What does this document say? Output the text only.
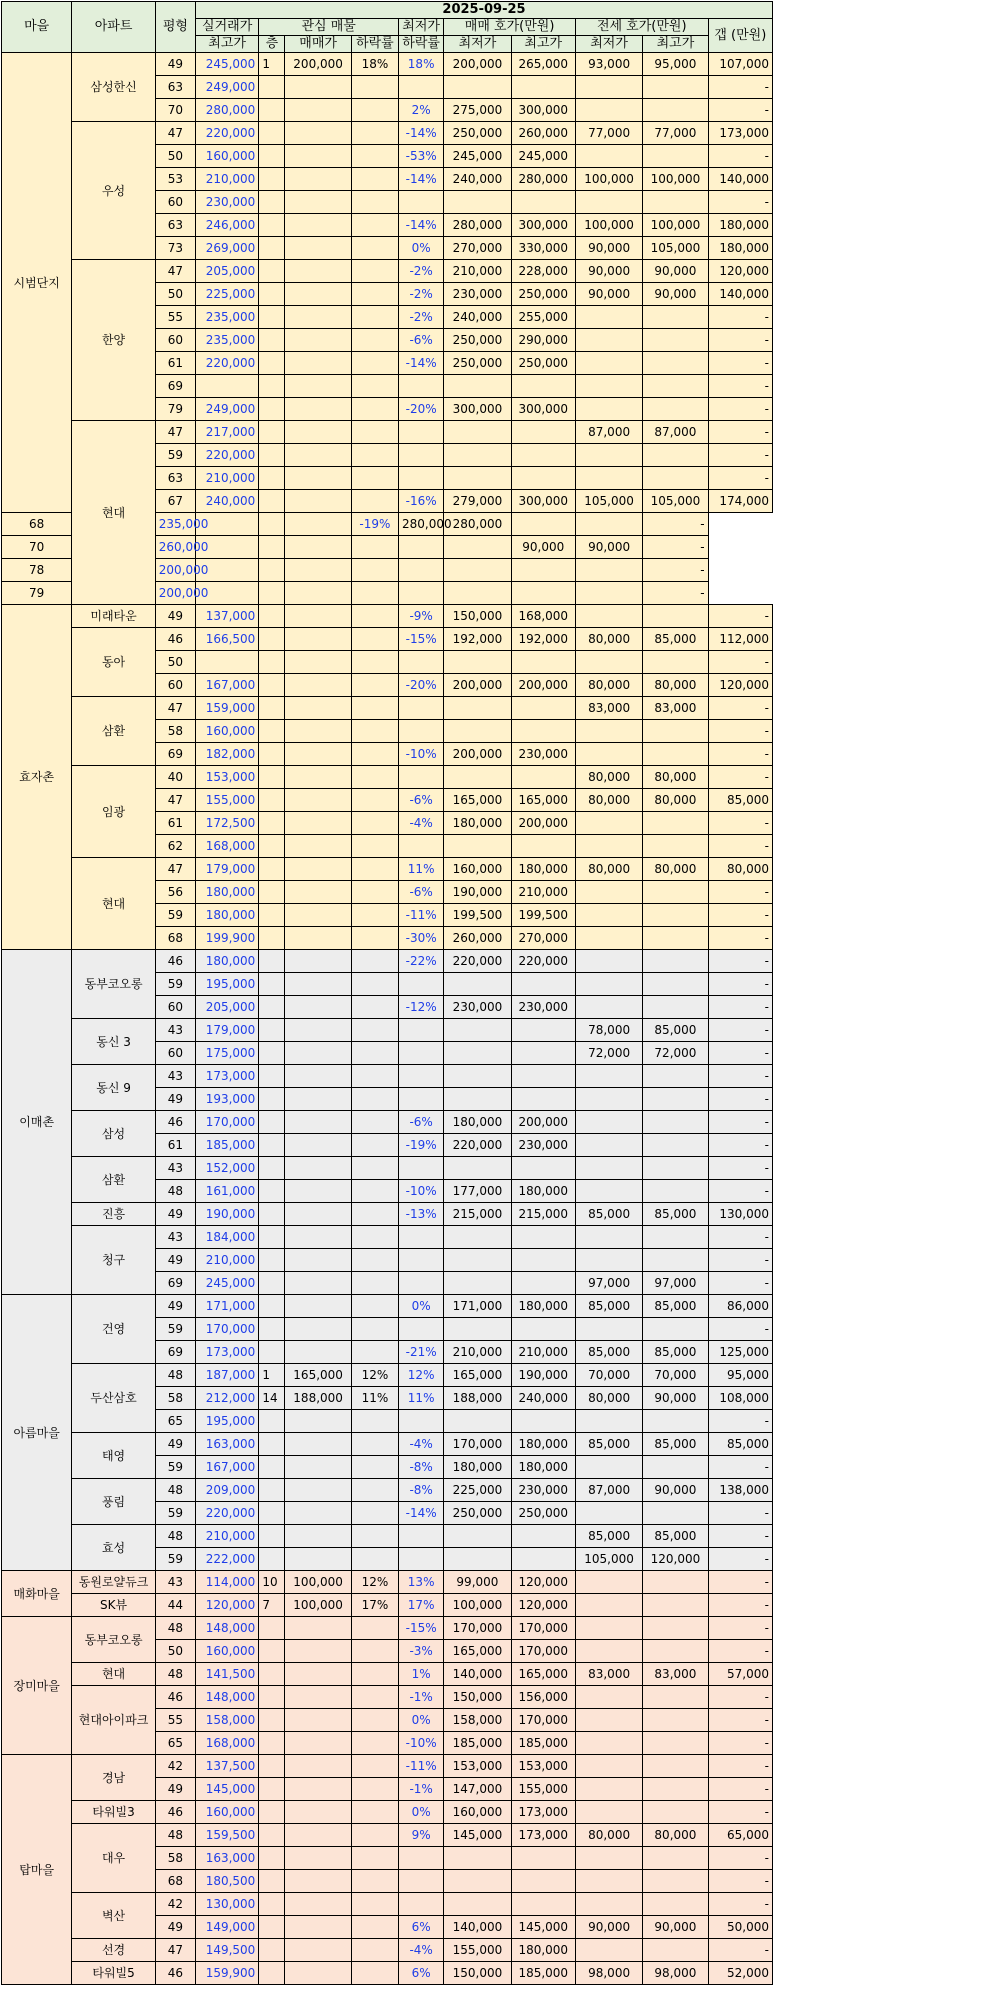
마을	아파트	평형	2025-09-25									
			실거래가	관심 매물			최저가	매매 호가(만원)		전세 호가(만원)		갭 (만원)
			최고가	층	매매가	하락률	하락률	최저가	최고가	최저가	최고가	
시범단지	삼성한신	49	245,000	1	200,000	18%	18%	200,000	265,000	93,000	95,000	107,000
		63	249,000									-
		70	280,000				2%	275,000	300,000			-
	우성	47	220,000				-14%	250,000	260,000	77,000	77,000	173,000
		50	160,000				-53%	245,000	245,000			-
		53	210,000				-14%	240,000	280,000	100,000	100,000	140,000
		60	230,000									-
		63	246,000				-14%	280,000	300,000	100,000	100,000	180,000
		73	269,000				0%	270,000	330,000	90,000	105,000	180,000
	한양	47	205,000				-2%	210,000	228,000	90,000	90,000	120,000
		50	225,000				-2%	230,000	250,000	90,000	90,000	140,000
		55	235,000				-2%	240,000	255,000			-
		60	235,000				-6%	250,000	290,000			-
		61	220,000				-14%	250,000	250,000			-
		69										-
		79	249,000				-20%	300,000	300,000			-
	현대	47	217,000							87,000	87,000	-
		59	220,000									-
		63	210,000									-
		67	240,000				-16%	279,000	300,000	105,000	105,000	174,000
68		235,000				-19%	280,000	280,000			-	
70		260,000							90,000	90,000	-	
78		200,000									-	
79		200,000									-	
효자촌	미래타운	49	137,000				-9%	150,000	168,000			-
	동아	46	166,500				-15%	192,000	192,000	80,000	85,000	112,000
		50										-
		60	167,000				-20%	200,000	200,000	80,000	80,000	120,000
	삼환	47	159,000							83,000	83,000	-
		58	160,000									-
		69	182,000				-10%	200,000	230,000			-
	임광	40	153,000							80,000	80,000	-
		47	155,000				-6%	165,000	165,000	80,000	80,000	85,000
		61	172,500				-4%	180,000	200,000			-
		62	168,000									-
	현대	47	179,000				11%	160,000	180,000	80,000	80,000	80,000
		56	180,000				-6%	190,000	210,000			-
		59	180,000				-11%	199,500	199,500			-
		68	199,900				-30%	260,000	270,000			-
이매촌	동부코오롱	46	180,000				-22%	220,000	220,000			-
		59	195,000									-
		60	205,000				-12%	230,000	230,000			-
	동신 3	43	179,000							78,000	85,000	-
		60	175,000							72,000	72,000	-
	동신 9	43	173,000									-
		49	193,000									-
	삼성	46	170,000				-6%	180,000	200,000			-
		61	185,000				-19%	220,000	230,000			-
	삼환	43	152,000									-
		48	161,000				-10%	177,000	180,000			-
	진흥	49	190,000				-13%	215,000	215,000	85,000	85,000	130,000
	청구	43	184,000									-
		49	210,000									-
		69	245,000							97,000	97,000	-
아름마을	건영	49	171,000				0%	171,000	180,000	85,000	85,000	86,000
		59	170,000									-
		69	173,000				-21%	210,000	210,000	85,000	85,000	125,000
	두산삼호	48	187,000	1	165,000	12%	12%	165,000	190,000	70,000	70,000	95,000
		58	212,000	14	188,000	11%	11%	188,000	240,000	80,000	90,000	108,000
		65	195,000									-
	태영	49	163,000				-4%	170,000	180,000	85,000	85,000	85,000
		59	167,000				-8%	180,000	180,000			-
	풍림	48	209,000				-8%	225,000	230,000	87,000	90,000	138,000
		59	220,000				-14%	250,000	250,000			-
	효성	48	210,000							85,000	85,000	-
		59	222,000							105,000	120,000	-
매화마을	동원로얄듀크	43	114,000	10	100,000	12%	13%	99,000	120,000			-
	SK뷰	44	120,000	7	100,000	17%	17%	100,000	120,000			-
장미마을	동부코오롱	48	148,000				-15%	170,000	170,000			-
		50	160,000				-3%	165,000	170,000			-
	현대	48	141,500				1%	140,000	165,000	83,000	83,000	57,000
	현대아이파크	46	148,000				-1%	150,000	156,000			-
		55	158,000				0%	158,000	170,000			-
		65	168,000				-10%	185,000	185,000			-
탑마을	경남	42	137,500				-11%	153,000	153,000			-
		49	145,000				-1%	147,000	155,000			-
	타워빌3	46	160,000				0%	160,000	173,000			-
	대우	48	159,500				9%	145,000	173,000	80,000	80,000	65,000
		58	163,000									-
		68	180,500									-
	벽산	42	130,000									-
		49	149,000				6%	140,000	145,000	90,000	90,000	50,000
	선경	47	149,500				-4%	155,000	180,000			-
	타워빌5	46	159,900				6%	150,000	185,000	98,000	98,000	52,000
